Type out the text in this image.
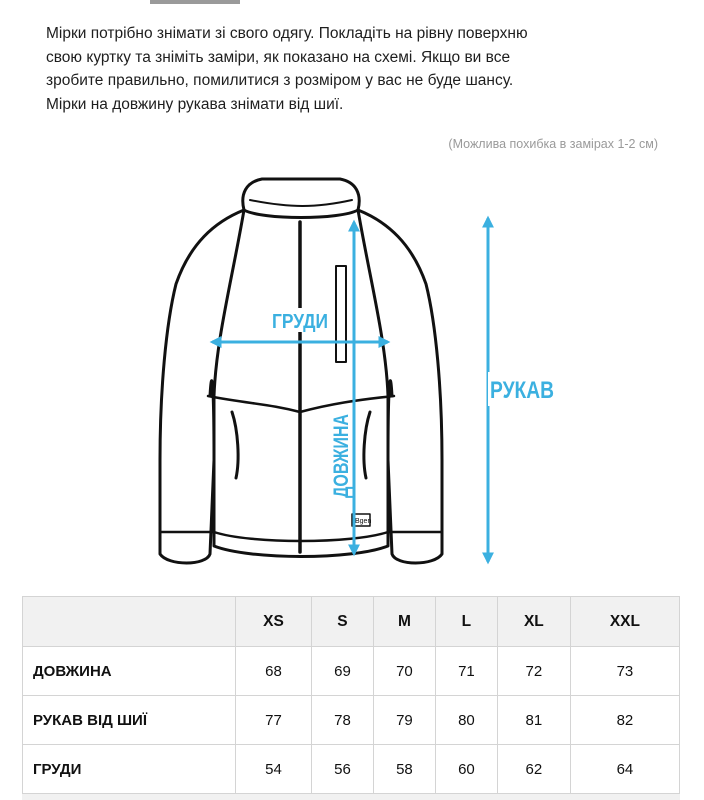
Мірки потрібно знімати зі свого одягу. Покладіть на рівну поверхню
свою куртку та зніміть заміри, як показано на схемі. Якщо ви все
зробите правильно, помилитися з розміром у вас не буде шансу.
Мірки на довжину рукава знімати від шиї.

(Можлива похибка в замірах 1-2 см)
Bgen
ГРУДИ
ДОВЖИНА	РУКАВ
	XS	S	M	L	XL	XXL
ДОВЖИНА	68	69	70	71	72	73
РУКАВ ВІД ШИЇ	77	78	79	80	81	82
ГРУДИ	54	56	58	60	62	64
